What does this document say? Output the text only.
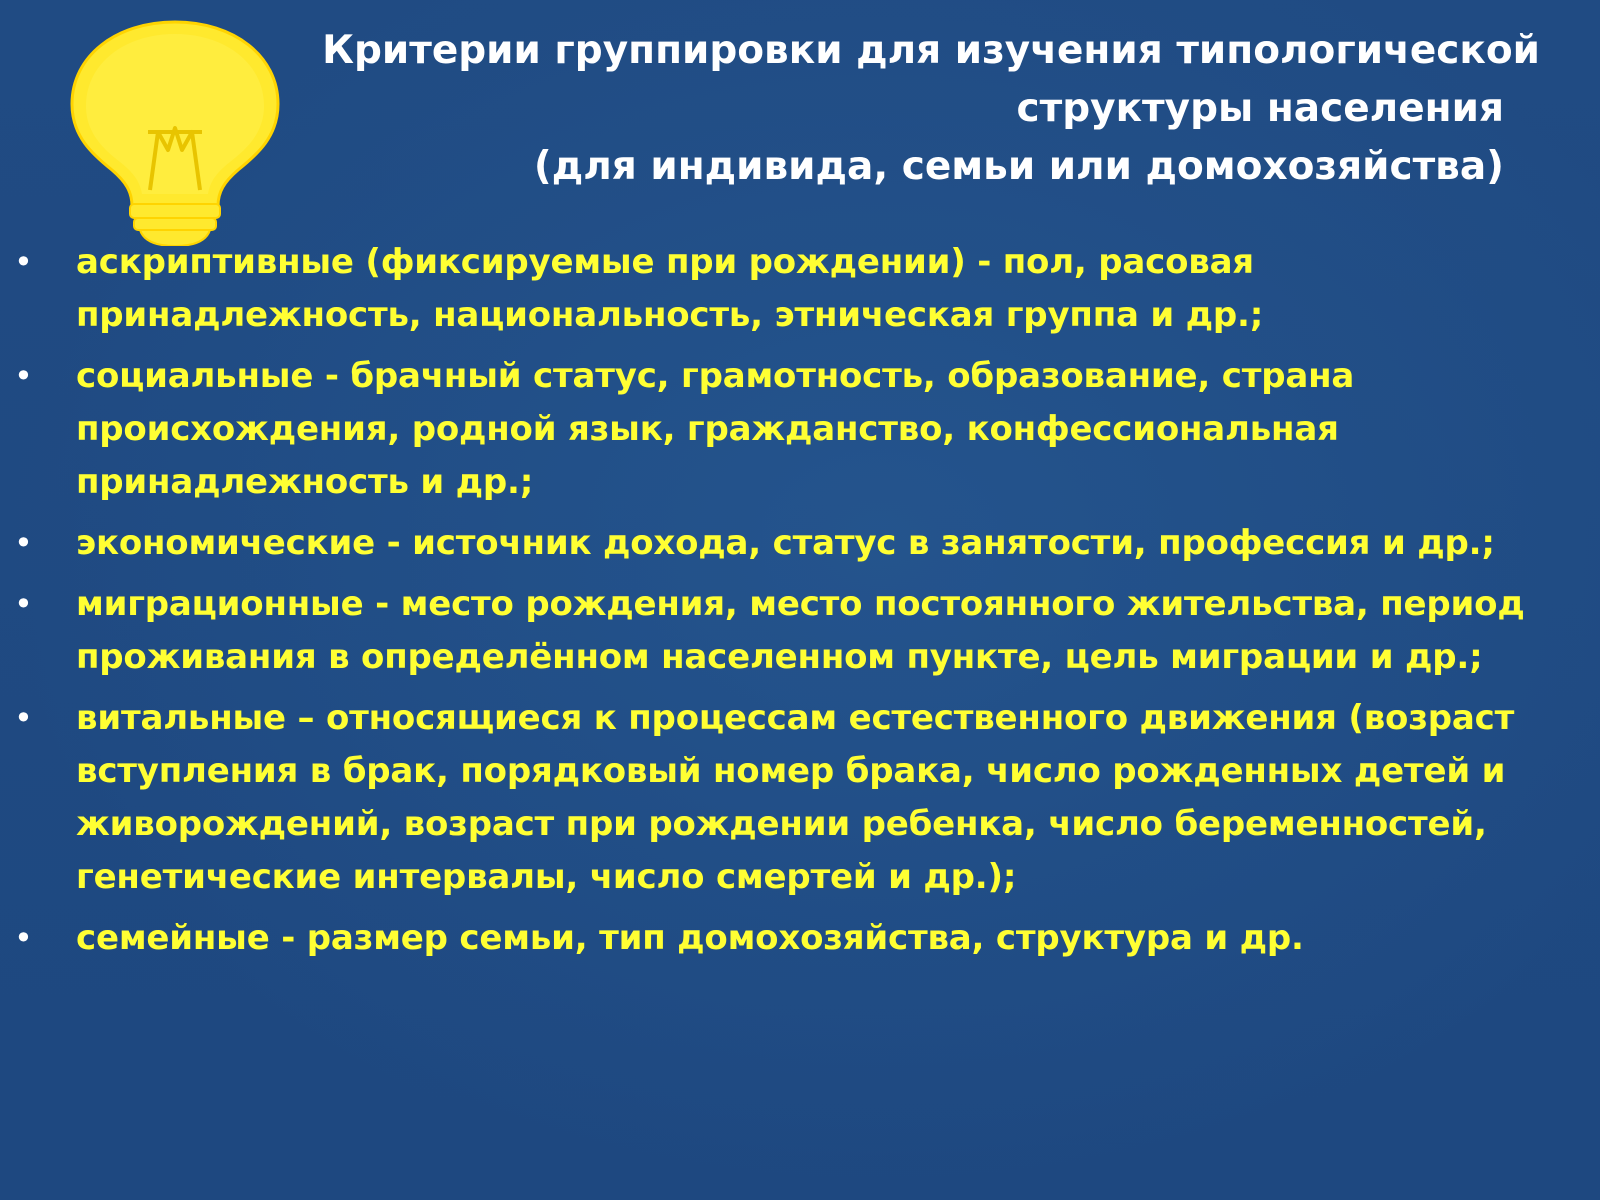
Критерии группировки для изучения типологической
структуры населения
(для индивида, семьи или домохозяйства)
• аскриптивные (фиксируемые при рождении) - пол, расовая
принадлежность, национальность, этническая группа и др.;
• социальные - брачный статус, грамотность, образование, страна
происхождения, родной язык, гражданство, конфессиональная
принадлежность и др.;
• экономические - источник дохода, статус в занятости, профессия и др.;
• миграционные - место рождения, место постоянного жительства, период
проживания в определённом населенном пункте, цель миграции и др.;
• витальные – относящиеся к процессам естественного движения (возраст
вступления в брак, порядковый номер брака, число рожденных детей и
живорождений, возраст при рождении ребенка, число беременностей,
генетические интервалы, число смертей и др.);
• семейные - размер семьи, тип домохозяйства, структура и др.
